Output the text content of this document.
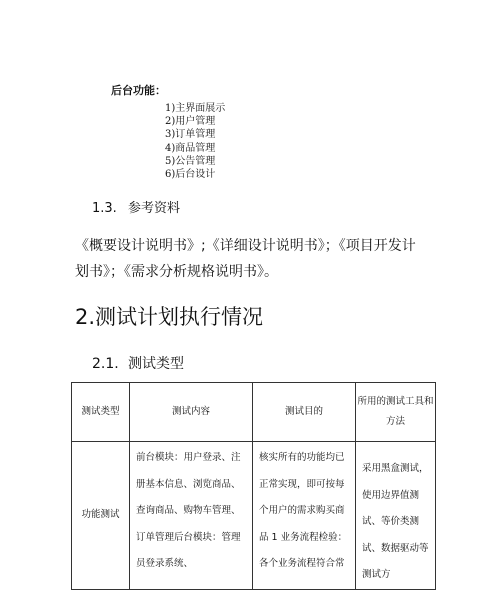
后台功能：
1)主界面展示
2)用户管理
3)订单管理
4)商品管理
5)公告管理
6)后台设计
1.3. 参考资料
《概要设计说明书》;《详细设计说明书》；《项目开发计划书》；《需求分析规格说明书》。
2.测试计划执行情况
2.1. 测试类型
测试类型	测试内容	测试目的	所用的测试工具和方法
功能测试	前台模块：用户登录、注册基本信息、浏览商品、查询商品、购物车管理、订单管理后台模块：管理员登录系统、	核实所有的功能均已正常实现，即可按每个用户的需求购买商品 1 业务流程检验：各个业务流程符合常	采用黑盒测试，使用边界值测试、等价类测试、数据驱动等测试方
